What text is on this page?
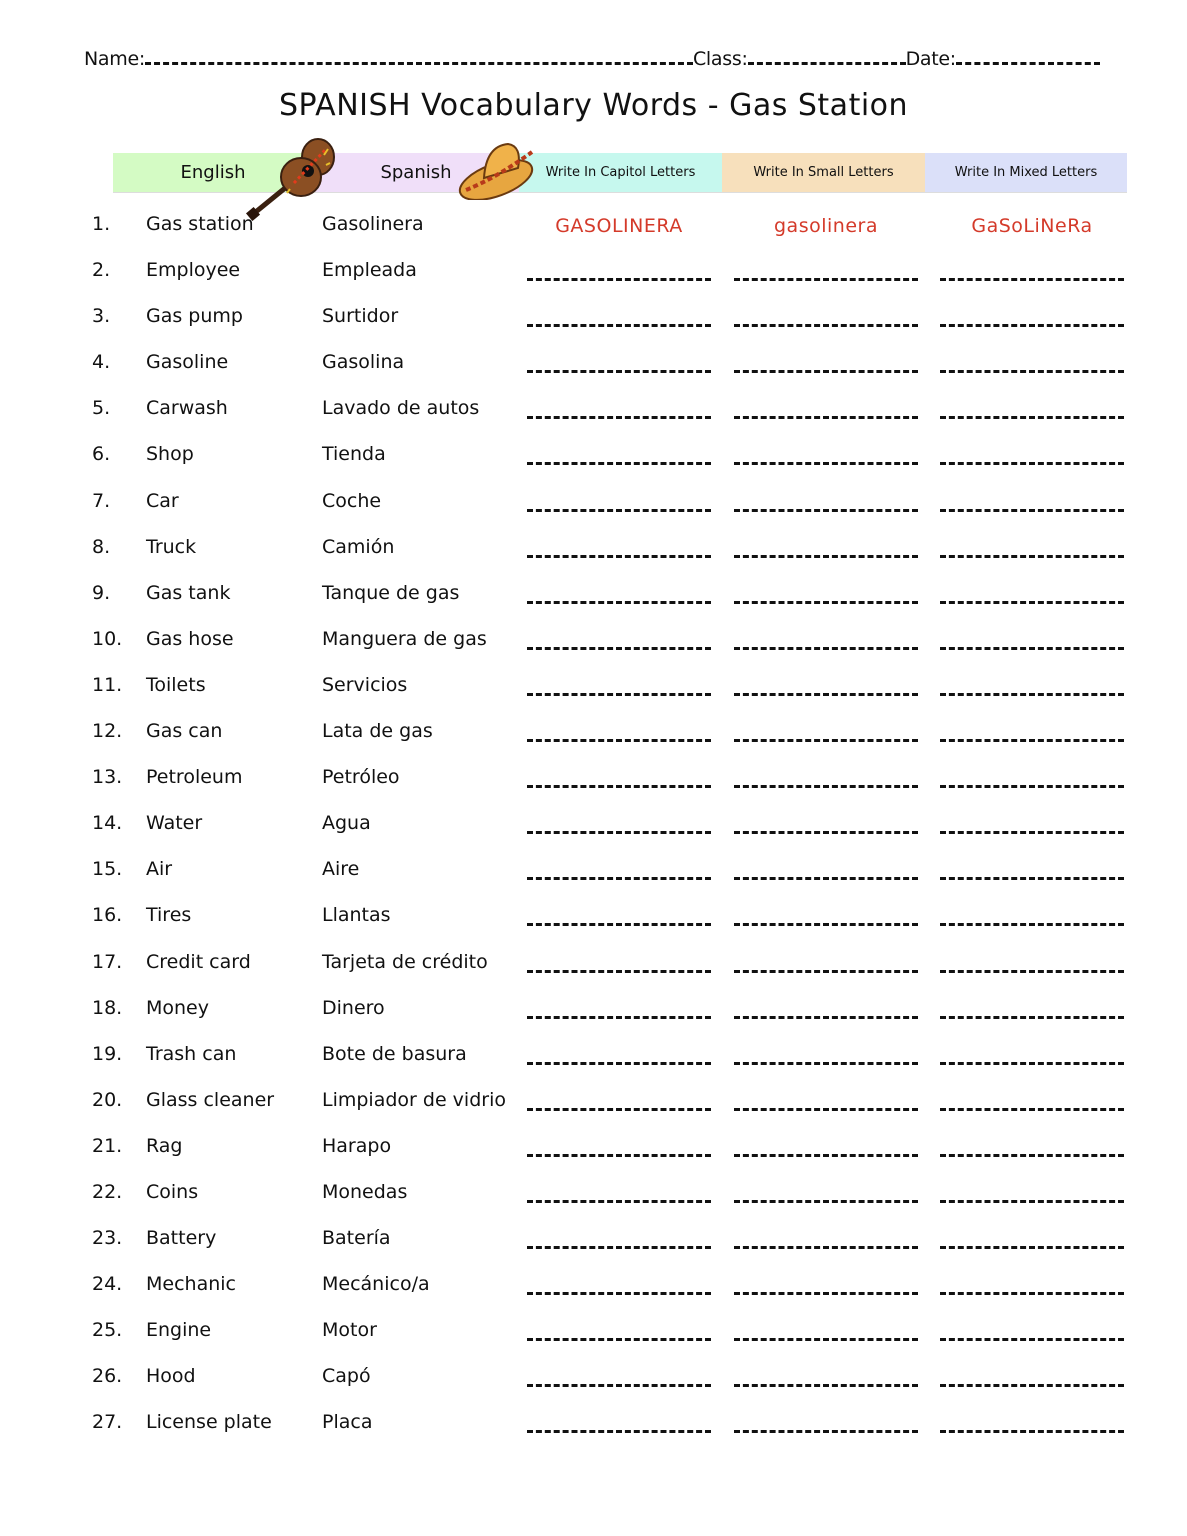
Name:	Class:	Date:
SPANISH Vocabulary Words - Gas Station
English	Spanish	Write In Capitol Letters	Write In Small Letters	Write In Mixed Letters
1. Gas station	Gasolinera	GASOLINERA	gasolinera	GaSoLiNeRa
2. Employee	Empleada
3. Gas pump	Surtidor
4. Gasoline	Gasolina
5. Carwash	Lavado de autos
6. Shop	Tienda
7. Car	Coche
8. Truck	Camión
9. Gas tank	Tanque de gas
10. Gas hose	Manguera de gas
11. Toilets	Servicios
12. Gas can	Lata de gas
13. Petroleum	Petróleo
14. Water	Agua
15. Air	Aire
16. Tires	Llantas
17. Credit card	Tarjeta de crédito
18. Money	Dinero
19. Trash can	Bote de basura
20. Glass cleaner	Limpiador de vidrio
21. Rag	Harapo
22. Coins	Monedas
23. Battery	Batería
24. Mechanic	Mecánico/a
25. Engine	Motor
26. Hood	Capó
27. License plate	Placa
